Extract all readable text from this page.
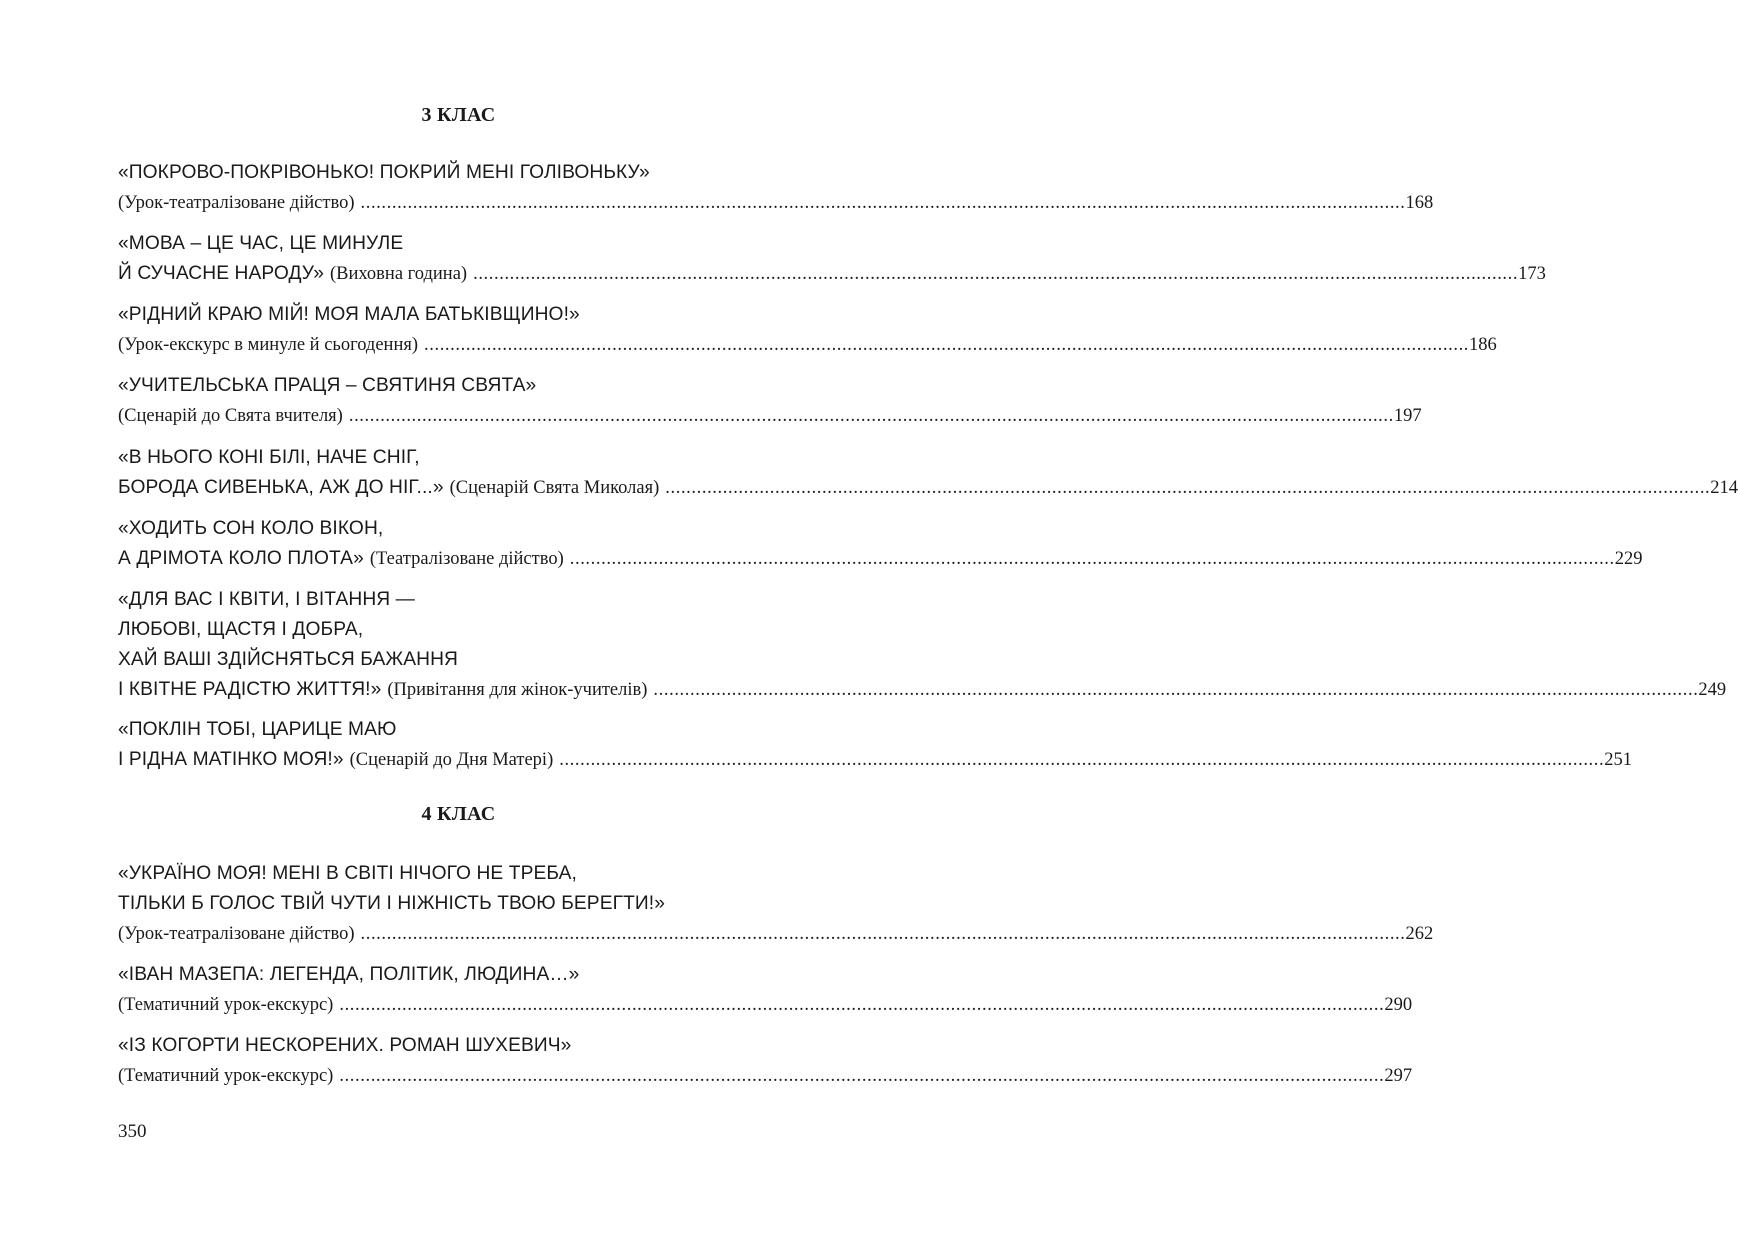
3 КЛАС
«ПОКРОВО-ПОКРІВОНЬКО! ПОКРИЙ МЕНІ ГОЛІВОНЬКУ»
(Урок-театралізоване дійство) ........................................................................................................................................................................................................ 168
«МОВА – ЦЕ ЧАС, ЦЕ МИНУЛЕ
Й СУЧАСНЕ НАРОДУ» (Виховна година) ........................................................................................................................................................................................................ 173
«РІДНИЙ КРАЮ МІЙ! МОЯ МАЛА БАТЬКІВЩИНО!»
(Урок-екскурс в минуле й сьогодення) ........................................................................................................................................................................................................ 186
«УЧИТЕЛЬСЬКА ПРАЦЯ – СВЯТИНЯ СВЯТА»
(Сценарій до Свята вчителя) ........................................................................................................................................................................................................ 197
«В НЬОГО КОНІ БІЛІ, НАЧЕ СНІГ,
БОРОДА СИВЕНЬКА, АЖ ДО НІГ...» (Сценарій Свята Миколая) ........................................................................................................................................................................................................ 214
«ХОДИТЬ СОН КОЛО ВІКОН,
А ДРІМОТА КОЛО ПЛОТА» (Театралізоване дійство) ........................................................................................................................................................................................................ 229
«ДЛЯ ВАС І КВІТИ, І ВІТАННЯ —
ЛЮБОВІ, ЩАСТЯ І ДОБРА,
ХАЙ ВАШІ ЗДІЙСНЯТЬСЯ БАЖАННЯ
І КВІТНЕ РАДІСТЮ ЖИТТЯ!» (Привітання для жінок-учителів) ........................................................................................................................................................................................................ 249
«ПОКЛІН ТОБІ, ЦАРИЦЕ МАЮ
І РІДНА МАТІНКО МОЯ!» (Сценарій до Дня Матері) ........................................................................................................................................................................................................ 251
4 КЛАС
«УКРАЇНО МОЯ! МЕНІ В СВІТІ НІЧОГО НЕ ТРЕБА,
ТІЛЬКИ Б ГОЛОС ТВІЙ ЧУТИ І НІЖНІСТЬ ТВОЮ БЕРЕГТИ!»
(Урок-театралізоване дійство) ........................................................................................................................................................................................................ 262
«ІВАН МАЗЕПА: ЛЕГЕНДА, ПОЛІТИК, ЛЮДИНА…»
(Тематичний урок-екскурс) ........................................................................................................................................................................................................ 290
«ІЗ КОГОРТИ НЕСКОРЕНИХ. РОМАН ШУХЕВИЧ»
(Тематичний урок-екскурс) ........................................................................................................................................................................................................ 297
350
